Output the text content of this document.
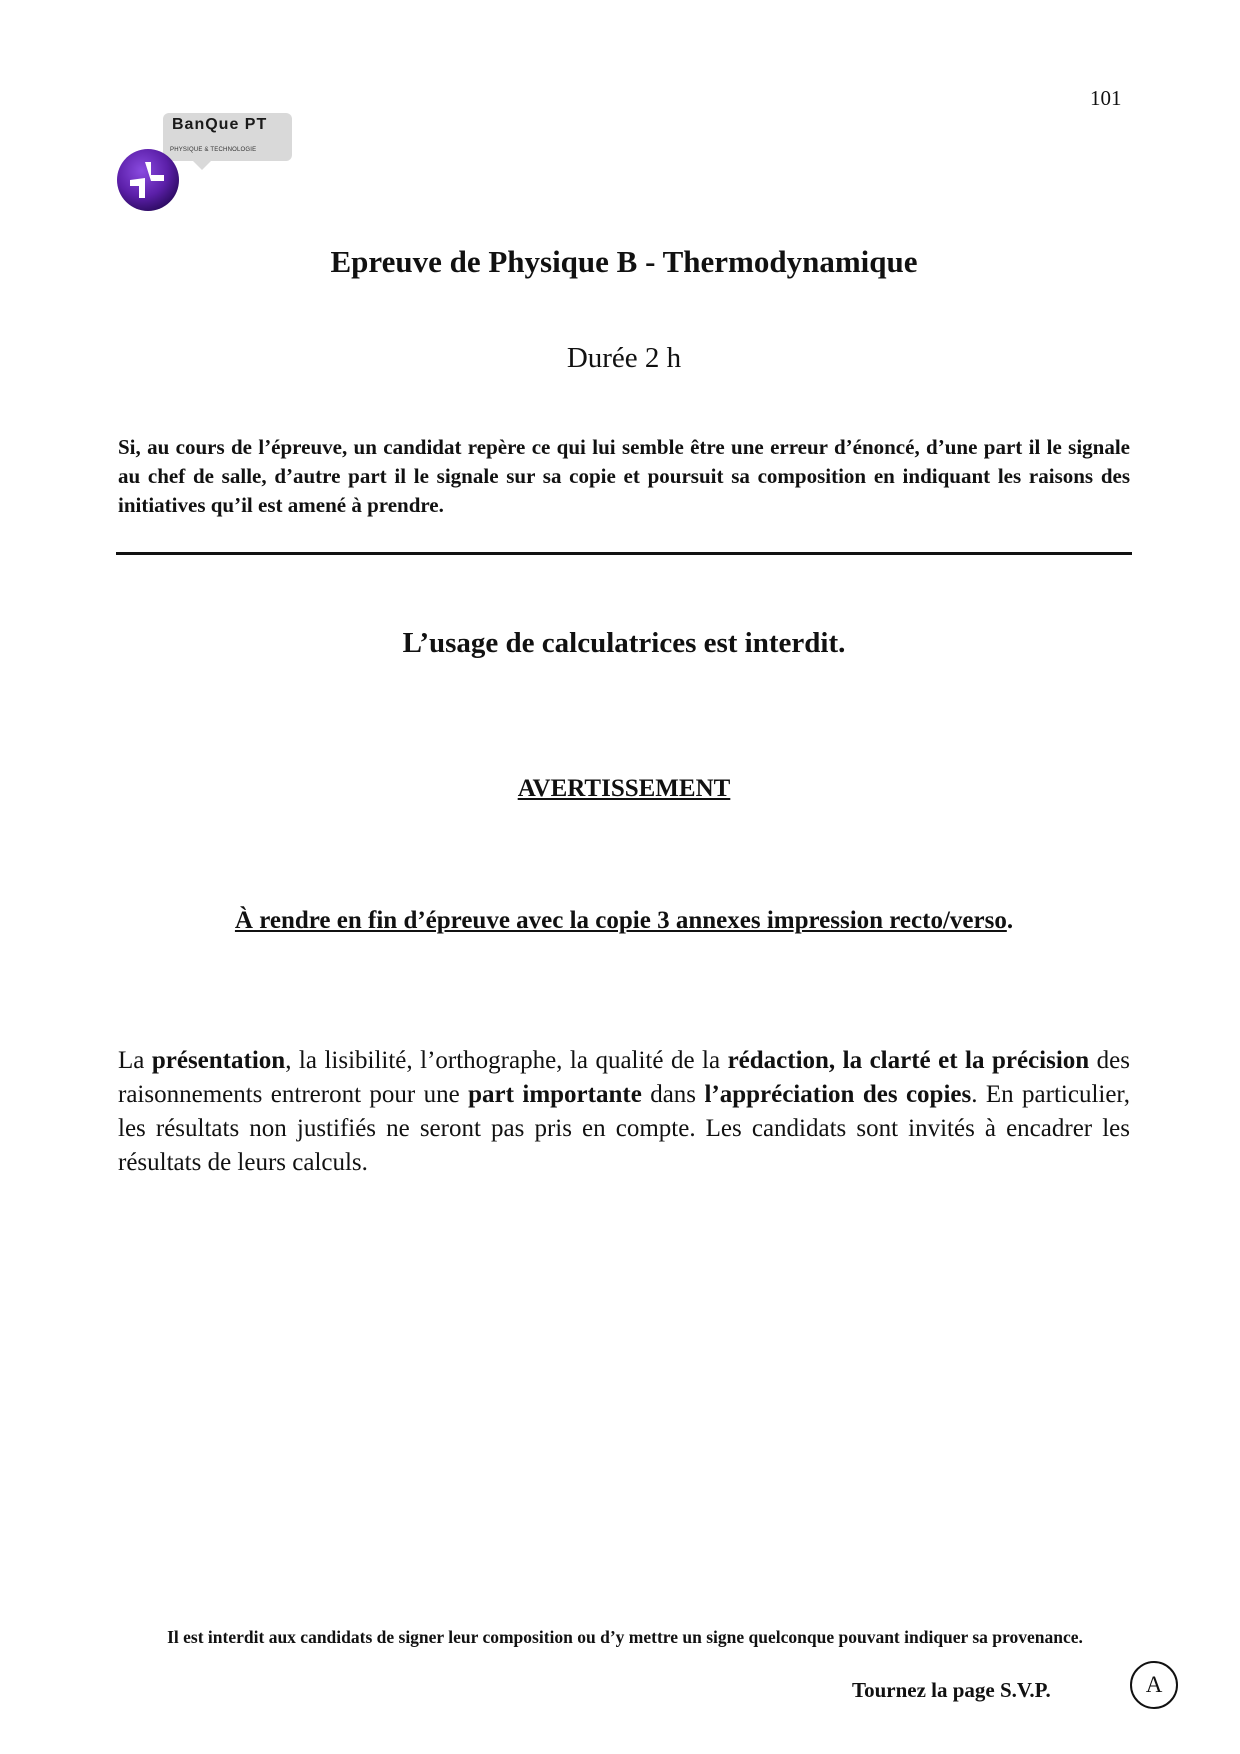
101
BanQue PT
PHYSIQUE & TECHNOLOGIE
Epreuve de Physique B - Thermodynamique
Durée 2 h
Si, au cours de l’épreuve, un candidat repère ce qui lui semble être une erreur d’énoncé, d’une part il le signale au chef de salle, d’autre part il le signale sur sa copie et poursuit sa composition en indiquant les raisons des initiatives qu’il est amené à prendre.
L’usage de calculatrices est interdit.
AVERTISSEMENT
À rendre en fin d’épreuve avec la copie 3 annexes impression recto/verso.
La présentation, la lisibilité, l’orthographe, la qualité de la rédaction, la clarté et la précision des raisonnements entreront pour une part importante dans l’appréciation des copies. En particulier, les résultats non justifiés ne seront pas pris en compte. Les candidats sont invités à encadrer les résultats de leurs calculs.
Il est interdit aux candidats de signer leur composition ou d’y mettre un signe quelconque pouvant indiquer sa provenance.
Tournez la page S.V.P.	A
